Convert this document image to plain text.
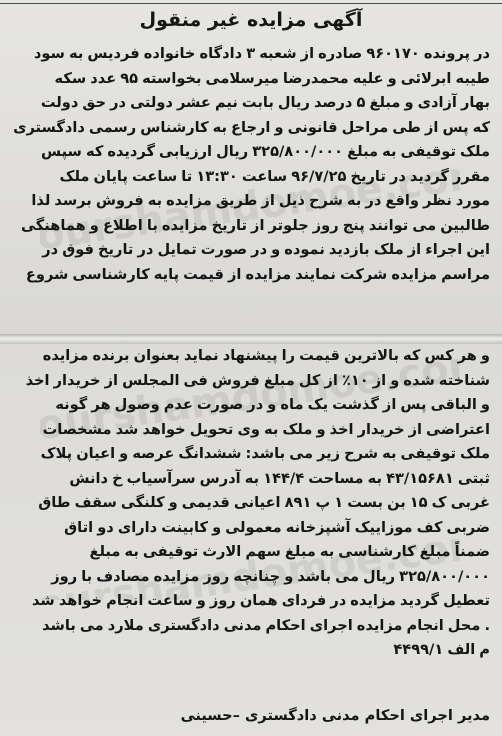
Bourshamdomoe.com
Bourshamdomoe.com
Bourshamdomoe.com
آگهی مزایده غیر منقول
در پرونده ۹۶۰۱۷۰ صادره از شعبه ۳ دادگاه خانواده فردیس به سود
طیبه ابرلائی و علیه محمدرضا میرسلامی بخواسته ۹۵ عدد سکه
بهار آزادی و مبلغ ۵ درصد ریال بابت نیم عشر دولتی در حق دولت
که پس از طی مراحل قانونی و ارجاع به کارشناس رسمی دادگستری
ملک توقیفی به مبلغ ۳۲۵/۸۰۰/۰۰۰ ریال ارزیابی گردیده که سپس
مقرر گردید در تاریخ ۹۶/۷/۲۵ ساعت ۱۳:۳۰ تا ساعت پایان ملک
مورد نظر واقع در به شرح ذیل از طریق مزایده به فروش برسد لذا
طالبین می توانند پنج روز جلوتر از تاریخ مزایده با اطلاع و هماهنگی
این اجراء از ملک بازدید نموده و در صورت تمایل در تاریخ فوق در
مراسم مزایده شرکت نمایند مزایده از قیمت پایه کارشناسی شروع
و هر کس که بالاترین قیمت را پیشنهاد نماید بعنوان برنده مزایده
شناخته شده و از ۱۰٪ از کل مبلغ فروش فی المجلس از خریدار اخذ
و الباقی پس از گذشت یک ماه و در صورت عدم وصول هر گونه
اعتراضی از خریدار اخذ و ملک به وی تحویل خواهد شد مشخصات
ملک توقیفی به شرح زیر می باشد: ششدانگ عرصه و اعیان پلاک
ثبتی ۴۳/۱۵۶۸۱ به مساحت ۱۴۴/۴ به آدرس سرآسیاب خ دانش
غربی ک ۱۵ بن بست ۱ پ ۸۹۱ اعیانی قدیمی و کلنگی سقف طاق
ضربی کف موزاییک آشپزخانه معمولی و کابینت دارای دو اتاق
ضمناً مبلغ کارشناسی به مبلغ سهم الارث توقیفی به مبلغ
۳۲۵/۸۰۰/۰۰۰ ریال می باشد و چنانچه روز مزایده مصادف با روز
تعطیل گردید مزایده در فردای همان روز و ساعت انجام خواهد شد
. محل انجام مزایده اجرای احکام مدنی دادگستری ملارد می باشد
م الف ۴۴۹۹/۱
مدیر اجرای احکام مدنی دادگستری –حسینی
